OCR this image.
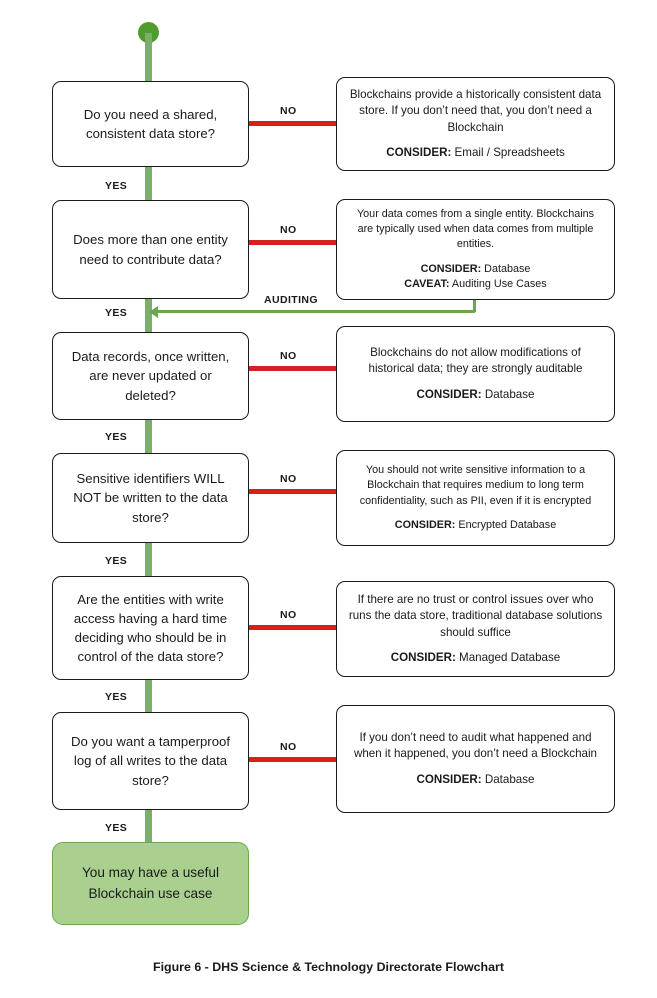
Do you need a shared, consistent data store?
NO
Blockchains provide a historically consistent data store. If you don’t need that, you don’t need a Blockchain
CONSIDER: Email / Spreadsheets
YES
Does more than one entity need to contribute data?
NO
Your data comes from a single entity. Blockchains are typically used when data comes from multiple entities.
CONSIDER: Database
CAVEAT: Auditing Use Cases
YES
AUDITING
Data records, once written, are never updated or deleted?
NO	Blockchains do not allow modifications of historical data; they are strongly auditable
CONSIDER: Database
YES
Sensitive identifiers WILL NOT be written to the data store?
NO
You should not write sensitive information to a Blockchain that requires medium to long term confidentiality, such as PII, even if it is encrypted
CONSIDER: Encrypted Database
YES
Are the entities with write access having a hard time deciding who should be in control of the data store?
NO
If there are no trust or control issues over who runs the data store, traditional database solutions should suffice
CONSIDER: Managed Database
YES
Do you want a tamperproof log of all writes to the data store?
NO
If you don’t need to audit what happened and when it happened, you don’t need a Blockchain
CONSIDER: Database
YES
You may have a useful Blockchain use case
Figure 6 - DHS Science & Technology Directorate Flowchart
